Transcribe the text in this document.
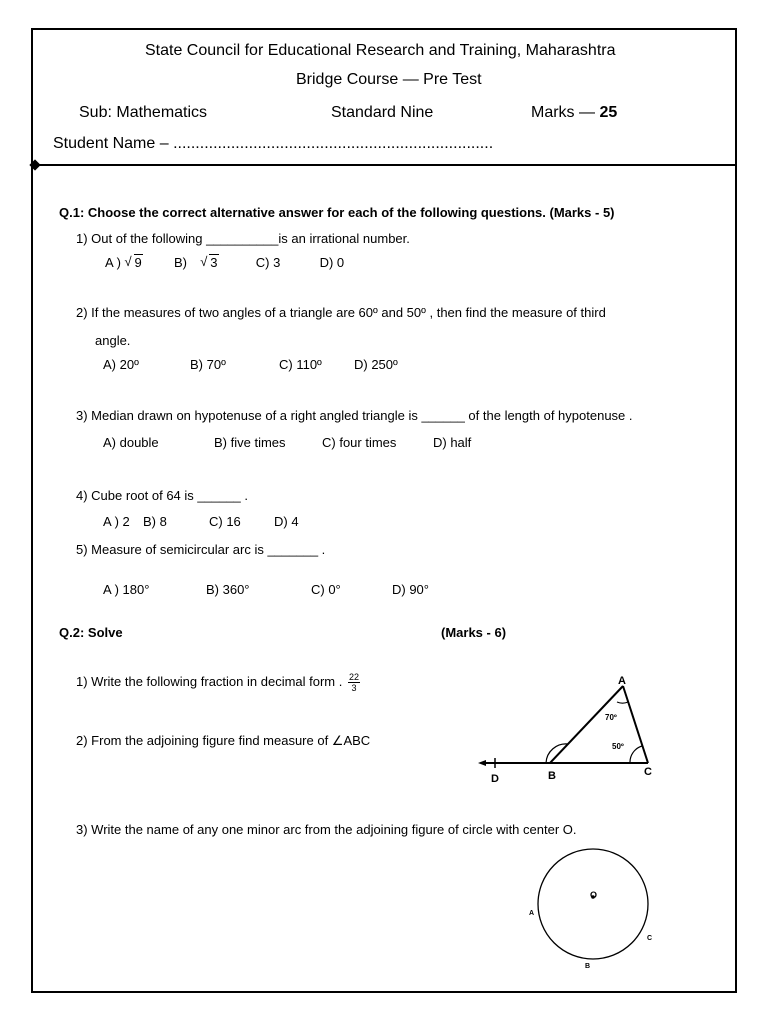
State Council for Educational Research and Training, Maharashtra
Bridge Course — Pre Test
Sub: Mathematics	Standard Nine	Marks — 25
Student Name – ........................................................................
Q.1: Choose the correct alternative answer for each of the following questions. (Marks - 5)
1) Out of the following __________is an irrational number.
A ) √ 9 B) √ 3	C) 3	D) 0
2) If the measures of two angles of a triangle are 60º and 50º , then find the measure of third
angle.
A) 20º	B) 70º	C) 110º D) 250º
3) Median drawn on hypotenuse of a right angled triangle is ______ of the length of hypotenuse .
A) double	B) five times	C) four times	D) half
4) Cube root of 64 is ______ .
A ) 2 B) 8	C) 16	D) 4
5) Measure of semicircular arc is _______ .
A ) 180°	B) 360°	C) 0°	D) 90°
Q.2: Solve	(Marks - 6)
1) Write the following fraction in decimal form . $\frac{22}{3}$
2) From the adjoining figure find measure of ∠ABC
3) Write the name of any one minor arc from the adjoining figure of circle with center O.
A
70º
50º
D	B	C
O
A
B
C
